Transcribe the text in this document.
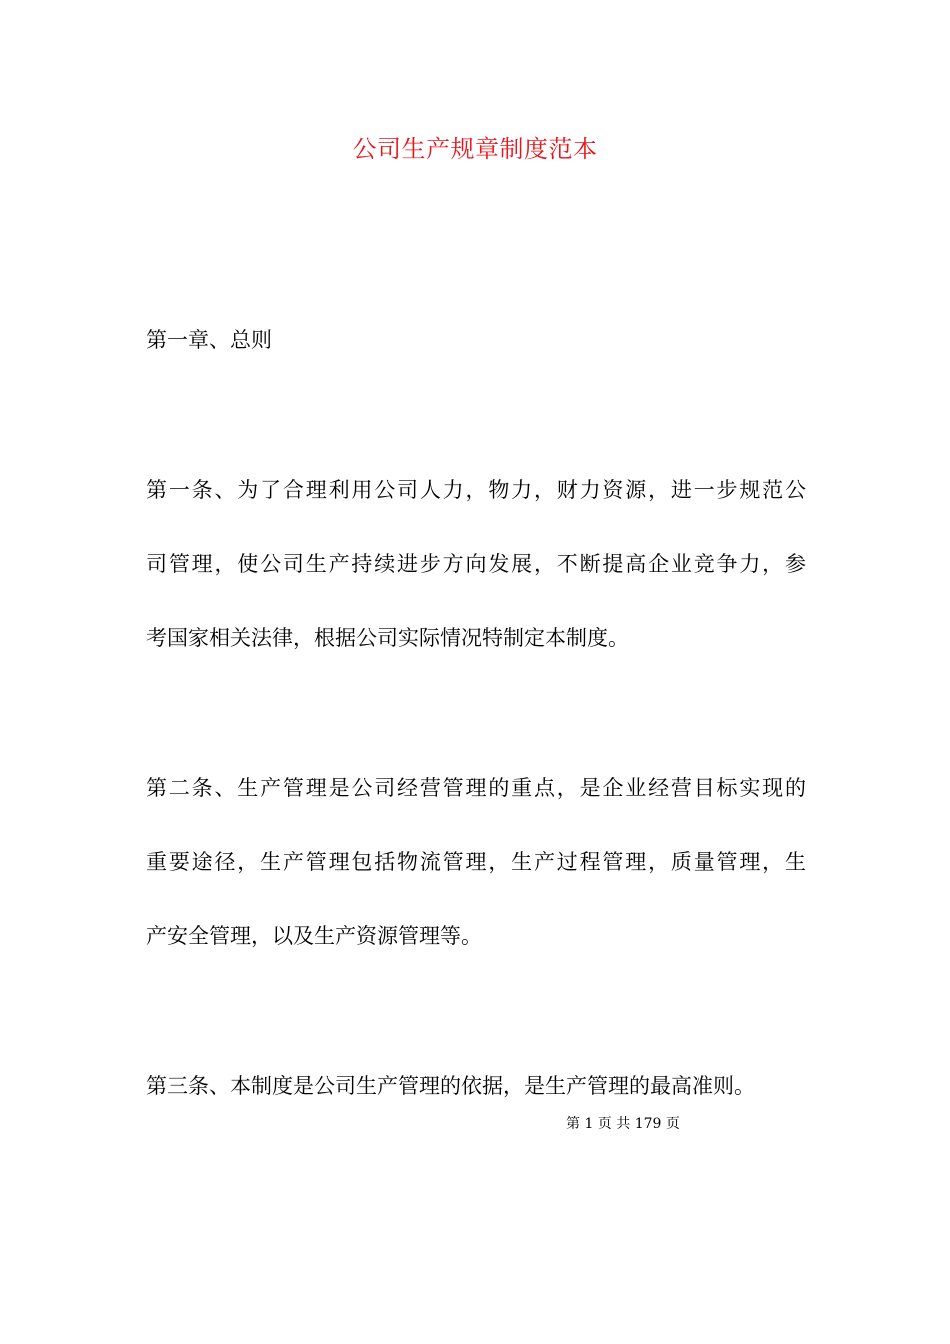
公司生产规章制度范本
第一章、总则
第一条、为了合理利用公司人力，物力，财力资源，进一步规范公
司管理，使公司生产持续进步方向发展，不断提高企业竞争力，参
考国家相关法律，根据公司实际情况特制定本制度。
第二条、生产管理是公司经营管理的重点，是企业经营目标实现的
重要途径，生产管理包括物流管理，生产过程管理，质量管理，生
产安全管理，以及生产资源管理等。
第三条、本制度是公司生产管理的依据，是生产管理的最高准则。
第 1 页 共 179 页
